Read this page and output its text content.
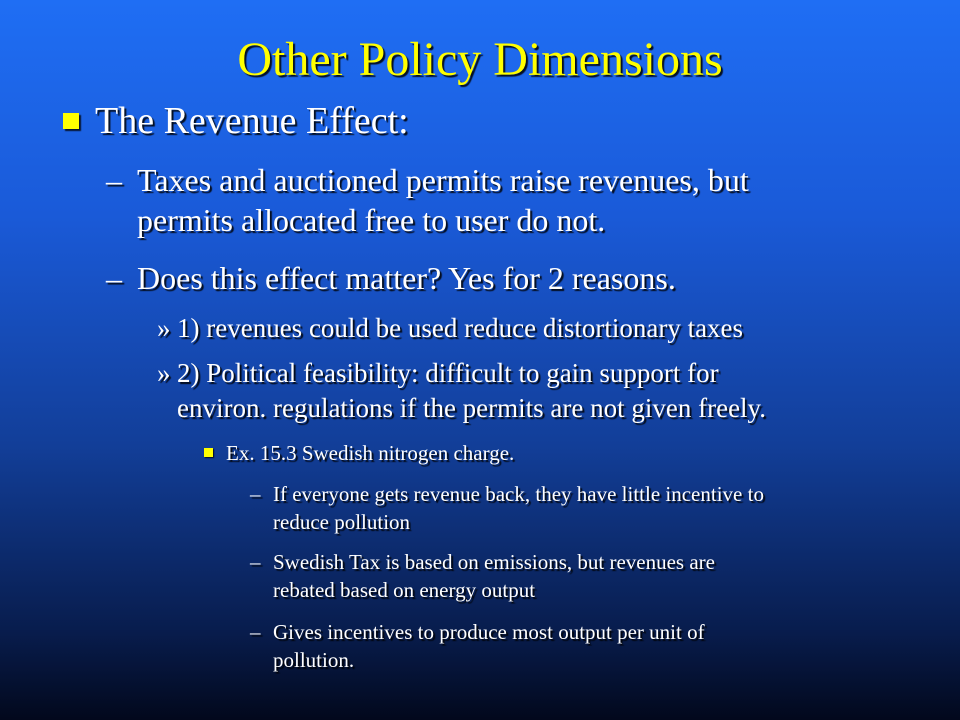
Other Policy Dimensions
The Revenue Effect:
– Taxes and auctioned permits raise revenues, but
permits allocated free to user do not.
– Does this effect matter? Yes for 2 reasons.
» 1) revenues could be used reduce distortionary taxes
» 2) Political feasibility: difficult to gain support for
environ. regulations if the permits are not given freely.
Ex. 15.3 Swedish nitrogen charge.
– If everyone gets revenue back, they have little incentive to
reduce pollution
– Swedish Tax is based on emissions, but revenues are
rebated based on energy output
– Gives incentives to produce most output per unit of
pollution.
